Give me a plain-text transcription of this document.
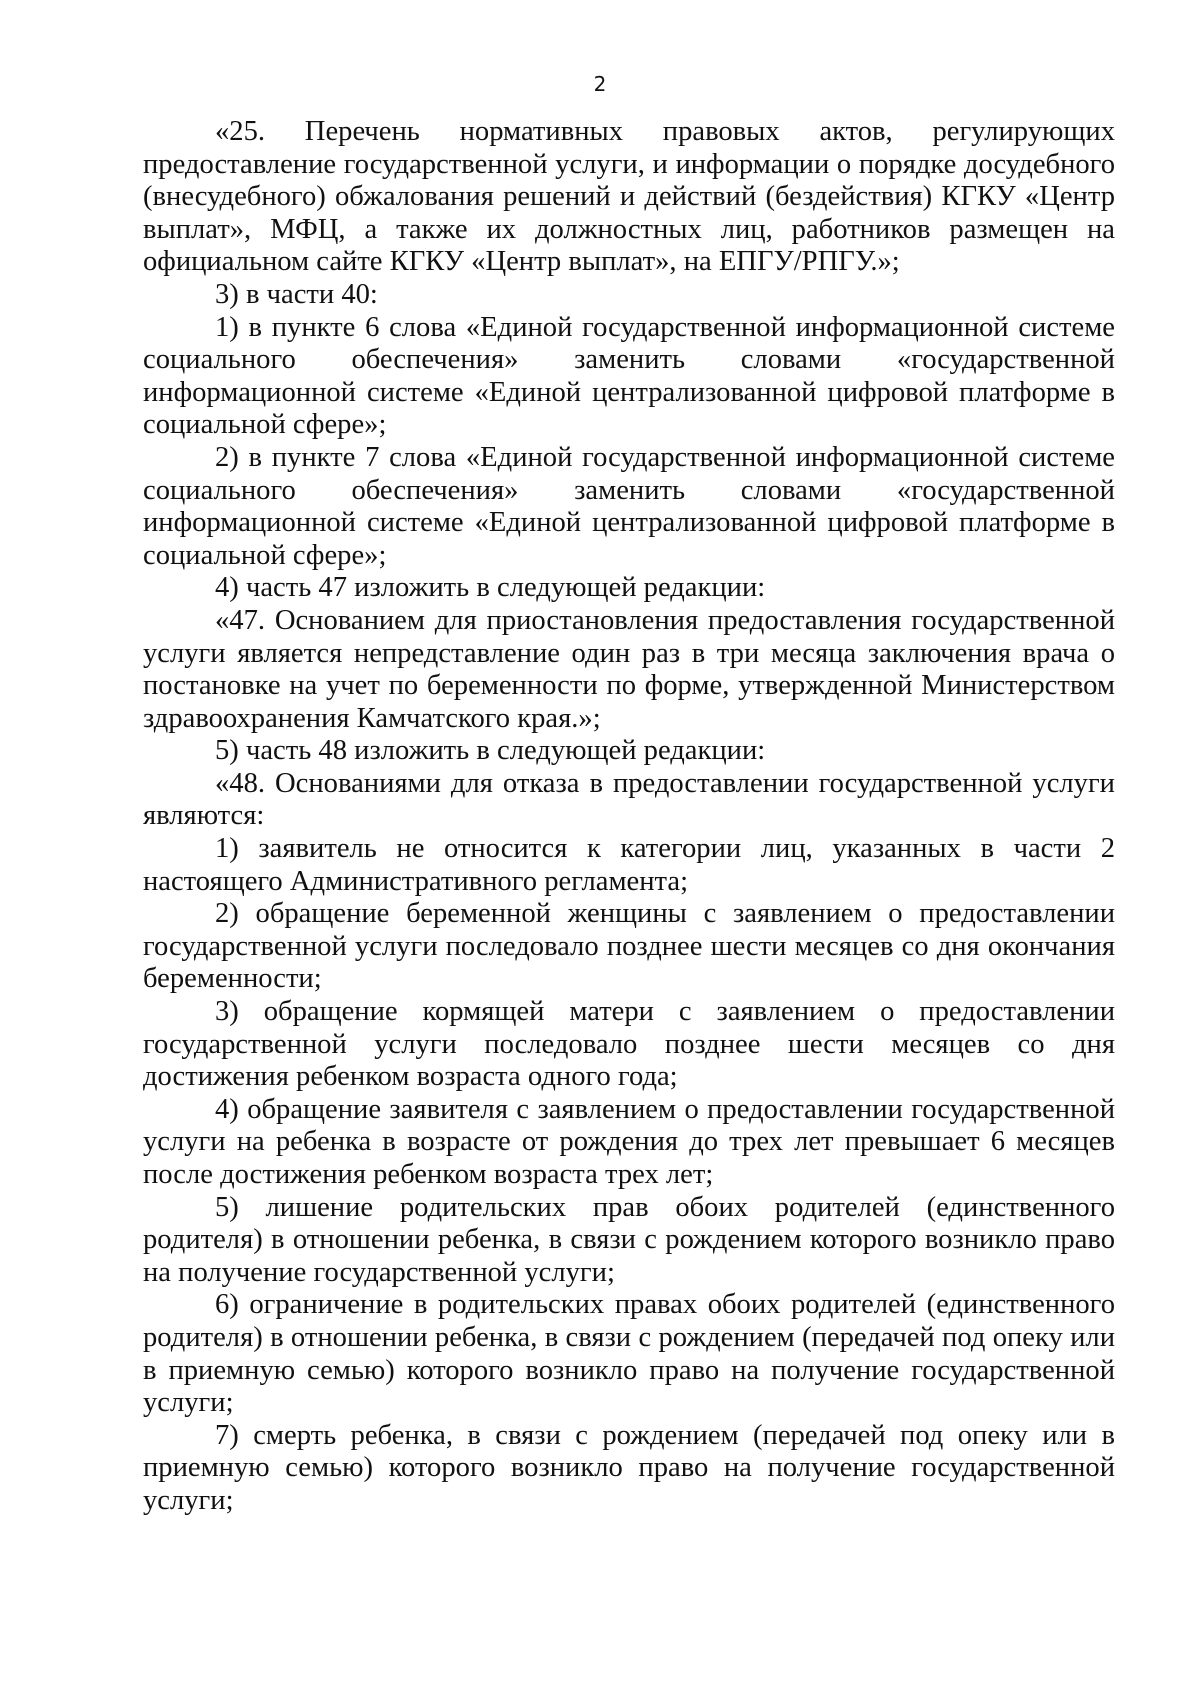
2

«25. Перечень нормативных правовых актов, регулирующих предоставление государственной услуги, и информации о порядке досудебного (внесудебного) обжалования решений и действий (бездействия) КГКУ «Центр выплат», МФЦ, а также их должностных лиц, работников размещен на официальном сайте КГКУ «Центр выплат», на ЕПГУ/РПГУ.»;

3) в части 40:

1) в пункте 6 слова «Единой государственной информационной системе социального обеспечения» заменить словами «государственной информационной системе «Единой централизованной цифровой платформе в социальной сфере»;

2) в пункте 7 слова «Единой государственной информационной системе социального обеспечения» заменить словами «государственной информационной системе «Единой централизованной цифровой платформе в социальной сфере»;

4) часть 47 изложить в следующей редакции:

«47. Основанием для приостановления предоставления государственной услуги является непредставление один раз в три месяца заключения врача о постановке на учет по беременности по форме, утвержденной Министерством здравоохранения Камчатского края.»;

5) часть 48 изложить в следующей редакции:

«48. Основаниями для отказа в предоставлении государственной услуги являются:

1) заявитель не относится к категории лиц, указанных в части 2 настоящего Административного регламента;

2) обращение беременной женщины с заявлением о предоставлении государственной услуги последовало позднее шести месяцев со дня окончания беременности;

3) обращение кормящей матери с заявлением о предоставлении государственной услуги последовало позднее шести месяцев со дня достижения ребенком возраста одного года;

4) обращение заявителя с заявлением о предоставлении государственной услуги на ребенка в возрасте от рождения до трех лет превышает 6 месяцев после достижения ребенком возраста трех лет;

5) лишение родительских прав обоих родителей (единственного родителя) в отношении ребенка, в связи с рождением которого возникло право на получение государственной услуги;

6) ограничение в родительских правах обоих родителей (единственного родителя) в отношении ребенка, в связи с рождением (передачей под опеку или в приемную семью) которого возникло право на получение государственной услуги;

7) смерть ребенка, в связи с рождением (передачей под опеку или в приемную семью) которого возникло право на получение государственной услуги;
